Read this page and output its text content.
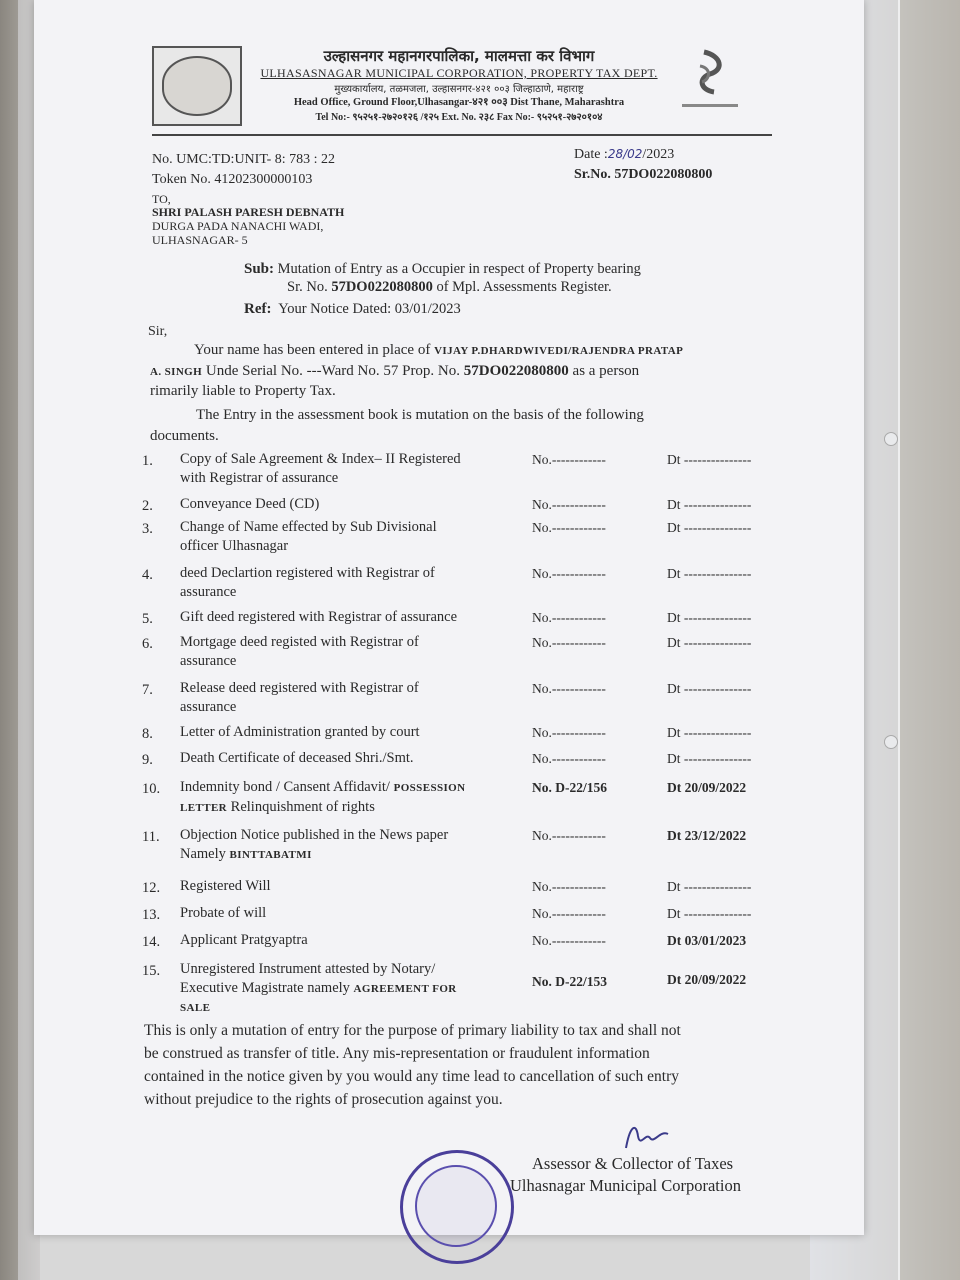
उल्हासनगर महानगरपालिका, मालमत्ता कर विभाग
ULHASASNAGAR MUNICIPAL CORPORATION, PROPERTY TAX DEPT.
मुख्यकार्यालय, तळमजला, उल्हासनगर-४२१ ००३ जिल्हाठाणे, महाराष्ट्र
Head Office, Ground Floor,Ulhasangar-४२१ ००३ Dist Thane, Maharashtra
Tel No:- ९५२५१-२७२०१२६ /१२५ Ext. No. २३८ Fax No:- ९५२५१-२७२०१०४
No. UMC:TD:UNIT- 8: 783 : 22
Token No. 41202300000103
Date :28/02/2023
Sr.No. 57DO022080800
TO,
SHRI PALASH PARESH DEBNATH
DURGA PADA NANACHI WADI,
ULHASNAGAR- 5
Sub: Mutation of Entry as a Occupier in respect of Property bearing
Sr. No. 57DO022080800 of Mpl. Assessments Register.
Ref: Your Notice Dated: 03/01/2023
Sir,
Your name has been entered in place of VIJAY P.DHARDWIVEDI/RAJENDRA PRATAP
A. SINGH Unde Serial No. ---Ward No. 57 Prop. No. 57DO022080800 as a person
rimarily liable to Property Tax.
The Entry in the assessment book is mutation on the basis of the following
documents.
1. Copy of Sale Agreement & Index– II Registered
with Registrar of assurance
No.------------	Dt ---------------
2. Conveyance Deed (CD)	No.------------	Dt ---------------
3. Change of Name effected by Sub Divisional
officer Ulhasnagar
No.------------	Dt ---------------
4. deed Declartion registered with Registrar of
assurance
No.------------	Dt ---------------
5. Gift deed registered with Registrar of assurance	No.------------	Dt ---------------
6. Mortgage deed registed with Registrar of
assurance
No.------------	Dt ---------------
7. Release deed registered with Registrar of
assurance
No.------------	Dt ---------------
8. Letter of Administration granted by court	No.------------	Dt ---------------
9. Death Certificate of deceased Shri./Smt.	No.------------	Dt ---------------
10. Indemnity bond / Cansent Affidavit/ POSSESSION
LETTER Relinquishment of rights
No. D-22/156	Dt 20/09/2022
11. Objection Notice published in the News paper
Namely BINTTABATMI
No.------------	Dt 23/12/2022
12. Registered Will	No.------------	Dt ---------------
13. Probate of will	No.------------	Dt ---------------
14. Applicant Pratgyaptra	No.------------	Dt 03/01/2023
15. Unregistered Instrument attested by Notary/
Executive Magistrate namely AGREEMENT FOR
SALE
No. D-22/153	Dt 20/09/2022
This is only a mutation of entry for the purpose of primary liability to tax and shall not
be construed as transfer of title. Any mis-representation or fraudulent information
contained in the notice given by you would any time lead to cancellation of such entry
without prejudice to the rights of prosecution against you.
Assessor & Collector of Taxes
Ulhasnagar Municipal Corporation
